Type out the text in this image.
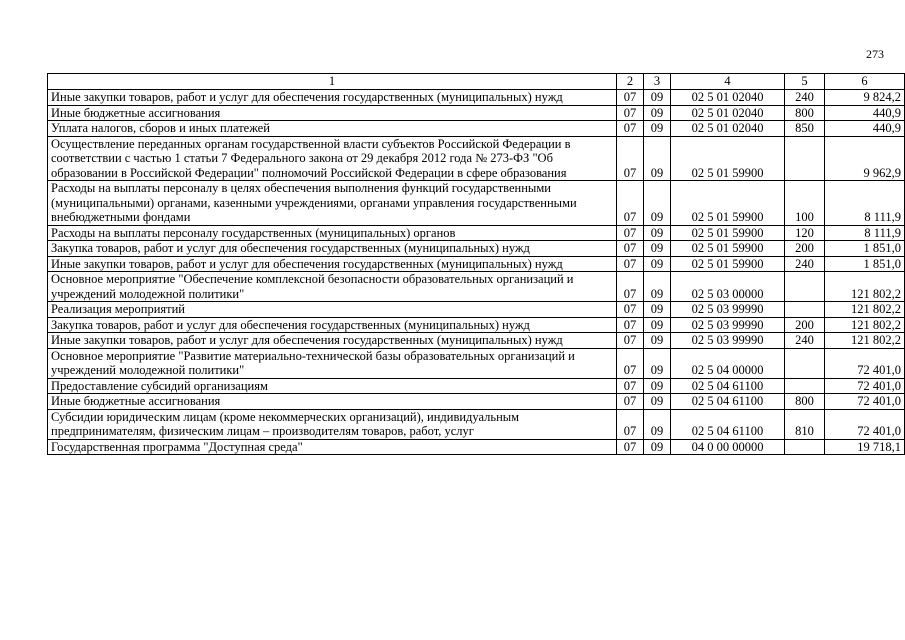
273
1	2	3	4	5	6
Иные закупки товаров, работ и услуг для обеспечения государственных (муниципальных) нужд	07	09	02 5 01 02040	240	9 824,2
Иные бюджетные ассигнования	07	09	02 5 01 02040	800	440,9
Уплата налогов, сборов и иных платежей	07	09	02 5 01 02040	850	440,9
Осуществление переданных органам государственной власти субъектов Российской Федерации в соответствии с частью 1 статьи 7 Федерального закона от 29 декабря 2012 года № 273-ФЗ "Об образовании в Российской Федерации" полномочий Российской Федерации в сфере образования	07	09	02 5 01 59900		9 962,9
Расходы на выплаты персоналу в целях обеспечения выполнения функций государственными (муниципальными) органами, казенными учреждениями, органами управления государственными внебюджетными фондами	07	09	02 5 01 59900	100	8 111,9
Расходы на выплаты персоналу государственных (муниципальных) органов	07	09	02 5 01 59900	120	8 111,9
Закупка товаров, работ и услуг для обеспечения государственных (муниципальных) нужд	07	09	02 5 01 59900	200	1 851,0
Иные закупки товаров, работ и услуг для обеспечения государственных (муниципальных) нужд	07	09	02 5 01 59900	240	1 851,0
Основное мероприятие "Обеспечение комплексной безопасности образовательных организаций и учреждений молодежной политики"	07	09	02 5 03 00000		121 802,2
Реализация мероприятий	07	09	02 5 03 99990		121 802,2
Закупка товаров, работ и услуг для обеспечения государственных (муниципальных) нужд	07	09	02 5 03 99990	200	121 802,2
Иные закупки товаров, работ и услуг для обеспечения государственных (муниципальных) нужд	07	09	02 5 03 99990	240	121 802,2
Основное мероприятие "Развитие материально-технической базы образовательных организаций и учреждений молодежной политики"	07	09	02 5 04 00000		72 401,0
Предоставление субсидий организациям	07	09	02 5 04 61100		72 401,0
Иные бюджетные ассигнования	07	09	02 5 04 61100	800	72 401,0
Субсидии юридическим лицам (кроме некоммерческих организаций), индивидуальным предпринимателям, физическим лицам – производителям товаров, работ, услуг	07	09	02 5 04 61100	810	72 401,0
Государственная программа "Доступная среда"	07	09	04 0 00 00000		19 718,1
